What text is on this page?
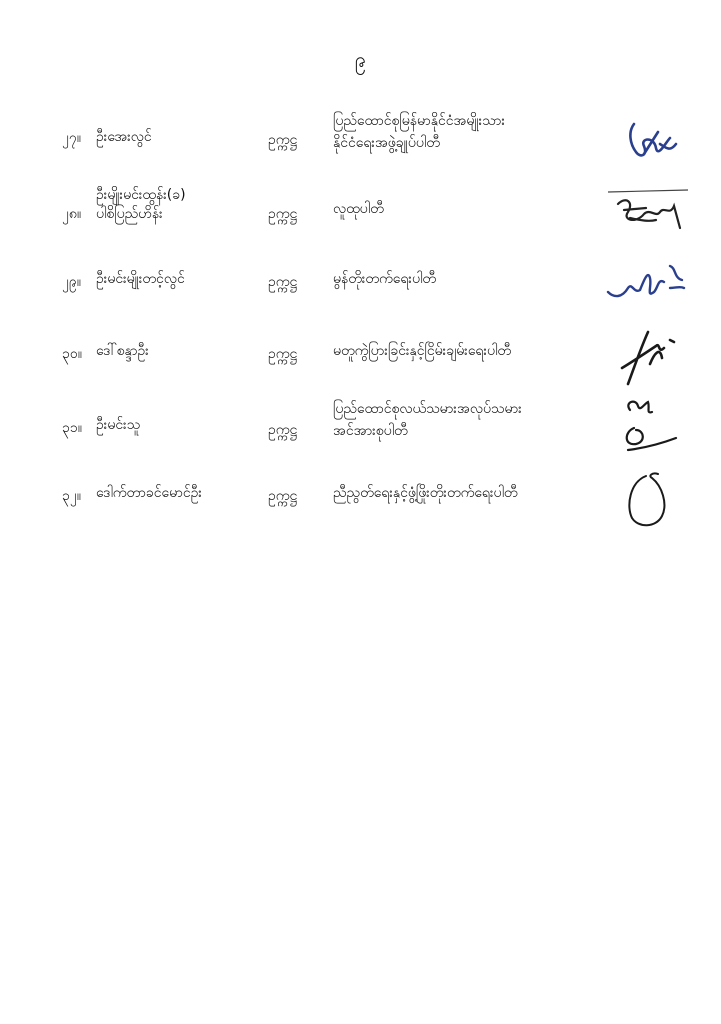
၉
၂၇။ ဦးအေးလွင်	ဥက္ကဋ္ဌ
ပြည်ထောင်စုမြန်မာနိုင်ငံအမျိုးသား
နိုင်ငံရေးအဖွဲ့ချုပ်ပါတီ
၂၈။
ဦးမျိုးမင်းထွန်း(ခ)
ပါစိပြည်ဟိန်း	ဥက္ကဋ္ဌ	လူထုပါတီ
၂၉။ ဦးမင်းမျိုးတင့်လွင်	ဥက္ကဋ္ဌ	မွန်တိုးတက်ရေးပါတီ
၃၀။ ဒေါ်စန္ဒာဦး	ဥက္ကဋ္ဌ	မတူကွဲပြားခြင်းနှင့်ငြိမ်းချမ်းရေးပါတီ
၃၁။ ဦးမင်းသူ	ဥက္ကဋ္ဌ
ပြည်ထောင်စုလယ်သမားအလုပ်သမား
အင်အားစုပါတီ
၃၂။ ဒေါက်တာခင်မောင်ဦး	ဥက္ကဋ္ဌ	ညီညွတ်ရေးနှင့်ဖွံ့ဖြိုးတိုးတက်ရေးပါတီ
